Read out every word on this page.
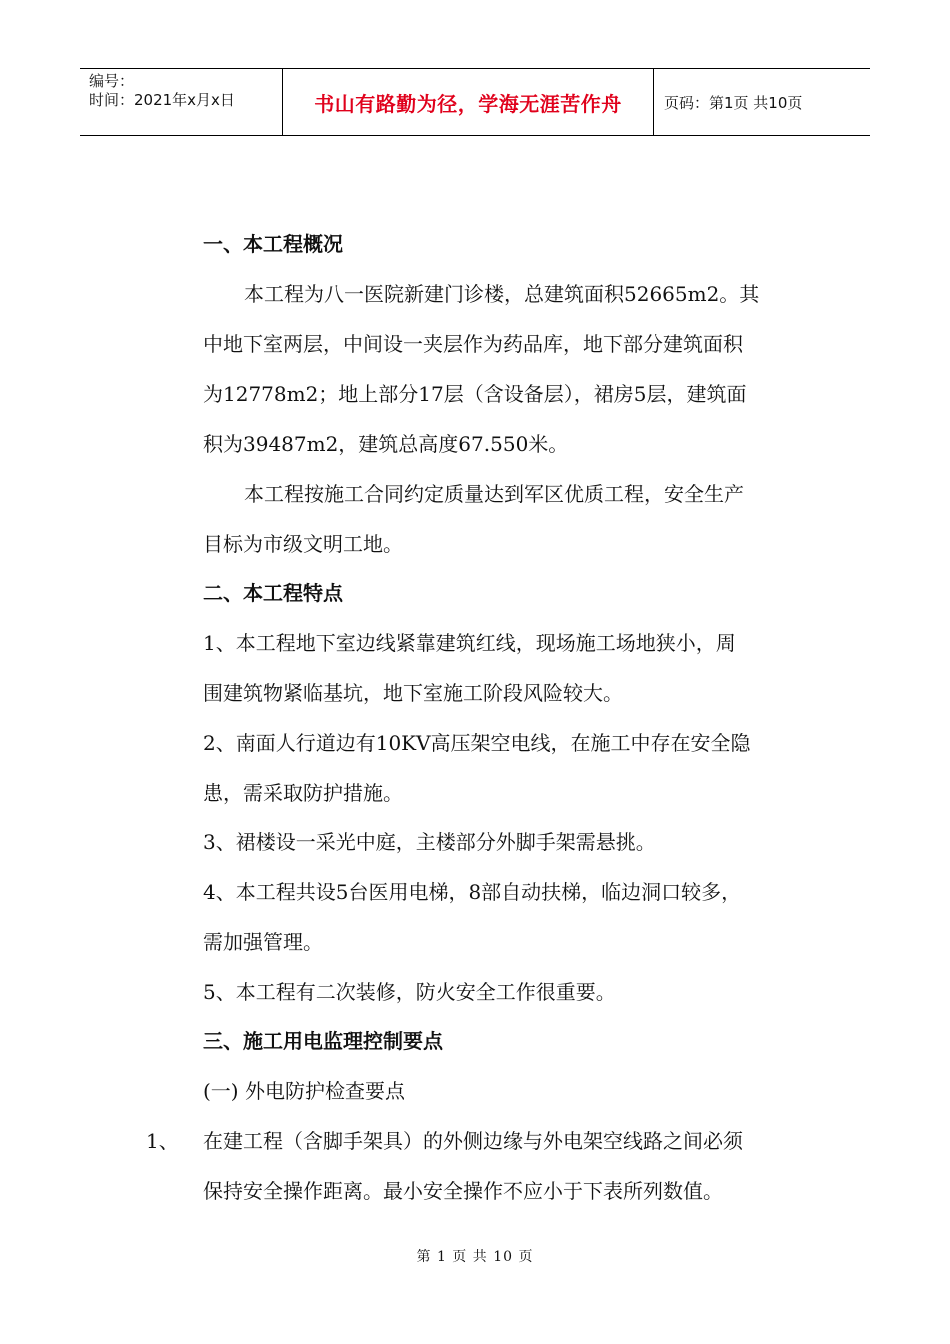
编号：
时间：2021年x月x日	书山有路勤为径，学海无涯苦作舟	页码：第1页 共10页
一、本工程概况
本工程为八一医院新建门诊楼，总建筑面积52665m2。其
中地下室两层，中间设一夹层作为药品库，地下部分建筑面积
为12778m2；地上部分17层（含设备层），裙房5层，建筑面
积为39487m2，建筑总高度67.550米。
本工程按施工合同约定质量达到军区优质工程，安全生产
目标为市级文明工地。
二、本工程特点
1、本工程地下室边线紧靠建筑红线，现场施工场地狭小，周
围建筑物紧临基坑，地下室施工阶段风险较大。
2、南面人行道边有10KV高压架空电线，在施工中存在安全隐
患，需采取防护措施。
3、裙楼设一采光中庭，主楼部分外脚手架需悬挑。
4、本工程共设5台医用电梯，8部自动扶梯，临边洞口较多，
需加强管理。
5、本工程有二次装修，防火安全工作很重要。
三、施工用电监理控制要点
(一) 外电防护检查要点
1、 在建工程（含脚手架具）的外侧边缘与外电架空线路之间必须
保持安全操作距离。最小安全操作不应小于下表所列数值。
第 1 页 共 10 页
